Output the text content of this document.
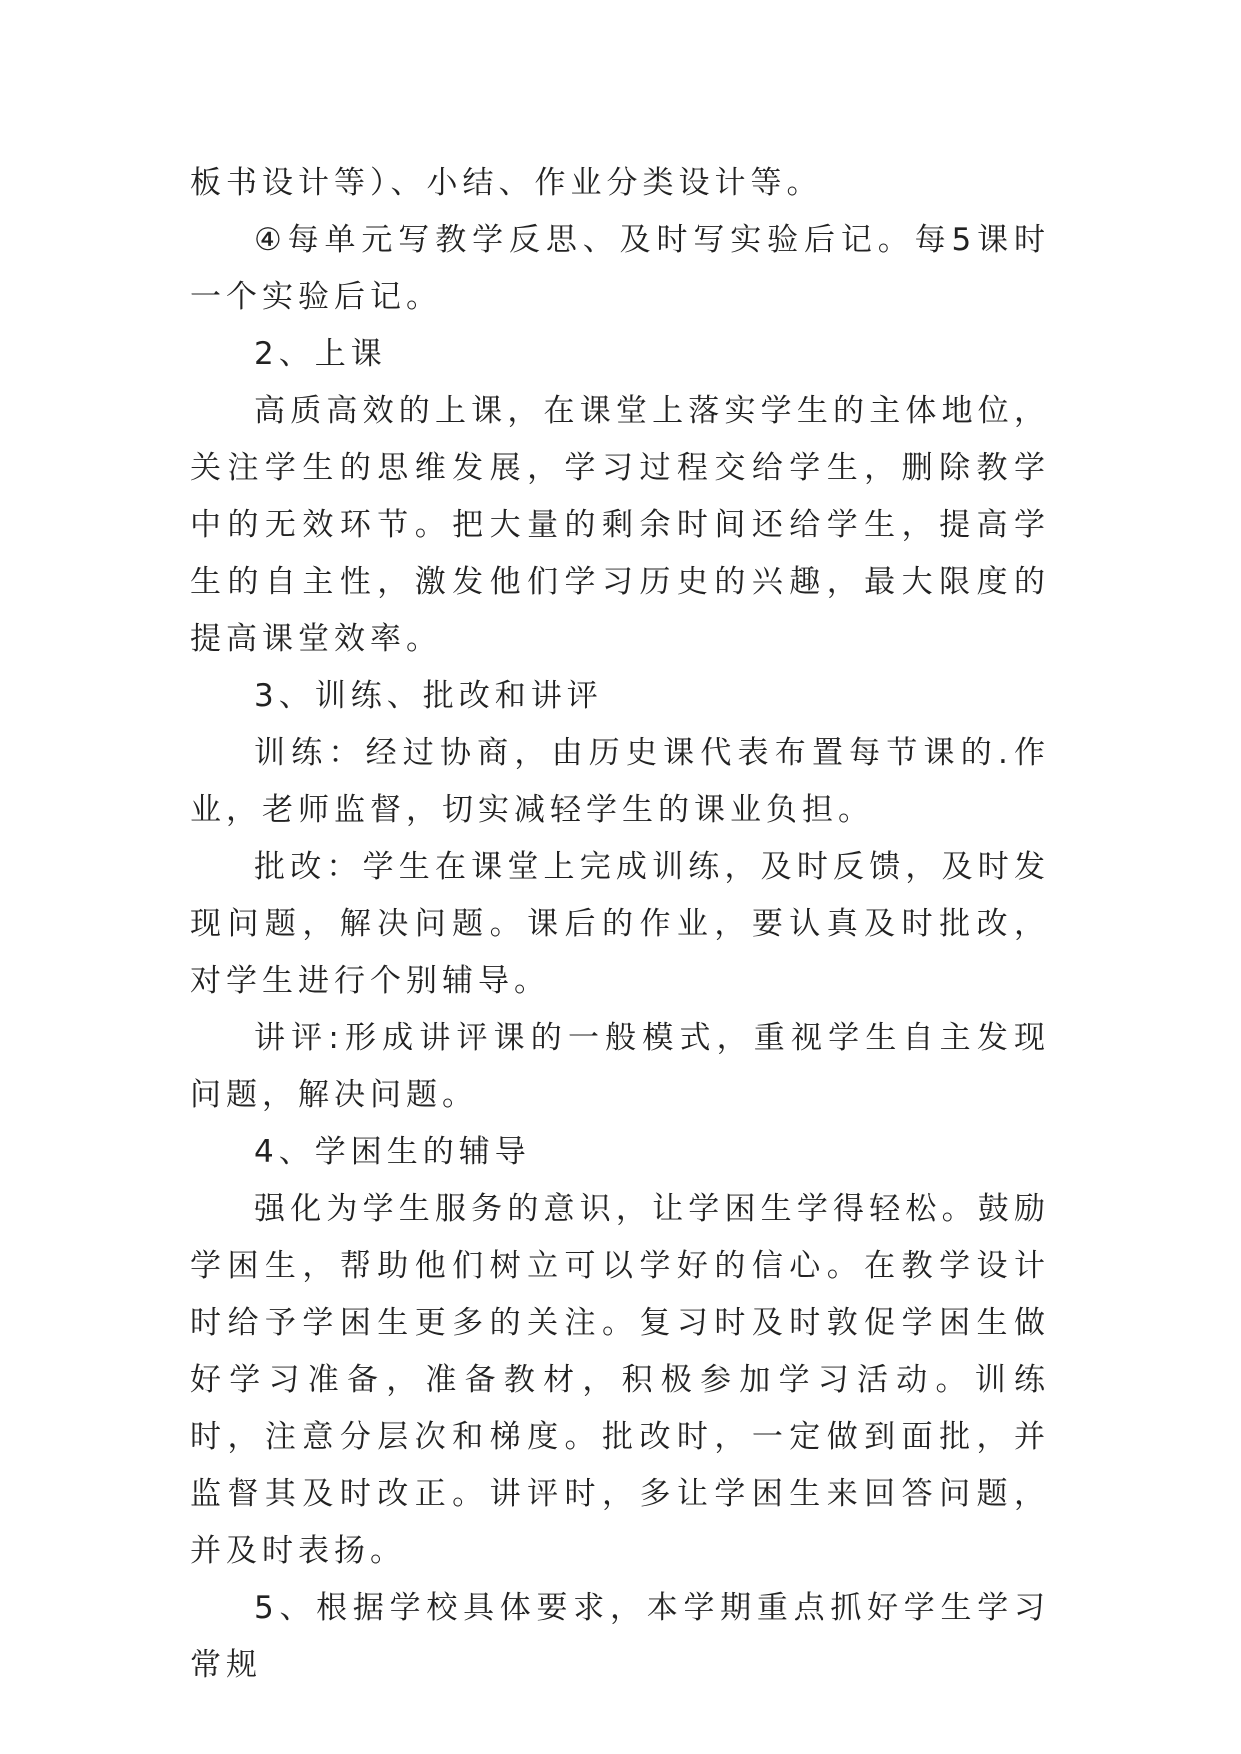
板书设计等）、小结、作业分类设计等。

④每单元写教学反思、及时写实验后记。每5课时一个实验后记。

2、上课

高质高效的上课，在课堂上落实学生的主体地位，关注学生的思维发展，学习过程交给学生，删除教学中的无效环节。把大量的剩余时间还给学生，提高学生的自主性，激发他们学习历史的兴趣，最大限度的提高课堂效率。

3、训练、批改和讲评

训练：经过协商，由历史课代表布置每节课的.作业，老师监督，切实减轻学生的课业负担。

批改：学生在课堂上完成训练，及时反馈，及时发现问题，解决问题。课后的作业，要认真及时批改，对学生进行个别辅导。

讲评:形成讲评课的一般模式，重视学生自主发现问题，解决问题。

4、学困生的辅导

强化为学生服务的意识，让学困生学得轻松。鼓励学困生，帮助他们树立可以学好的信心。在教学设计时给予学困生更多的关注。复习时及时敦促学困生做好学习准备，准备教材，积极参加学习活动。训练时，注意分层次和梯度。批改时，一定做到面批，并监督其及时改正。讲评时，多让学困生来回答问题，并及时表扬。

5、根据学校具体要求，本学期重点抓好学生学习常规
